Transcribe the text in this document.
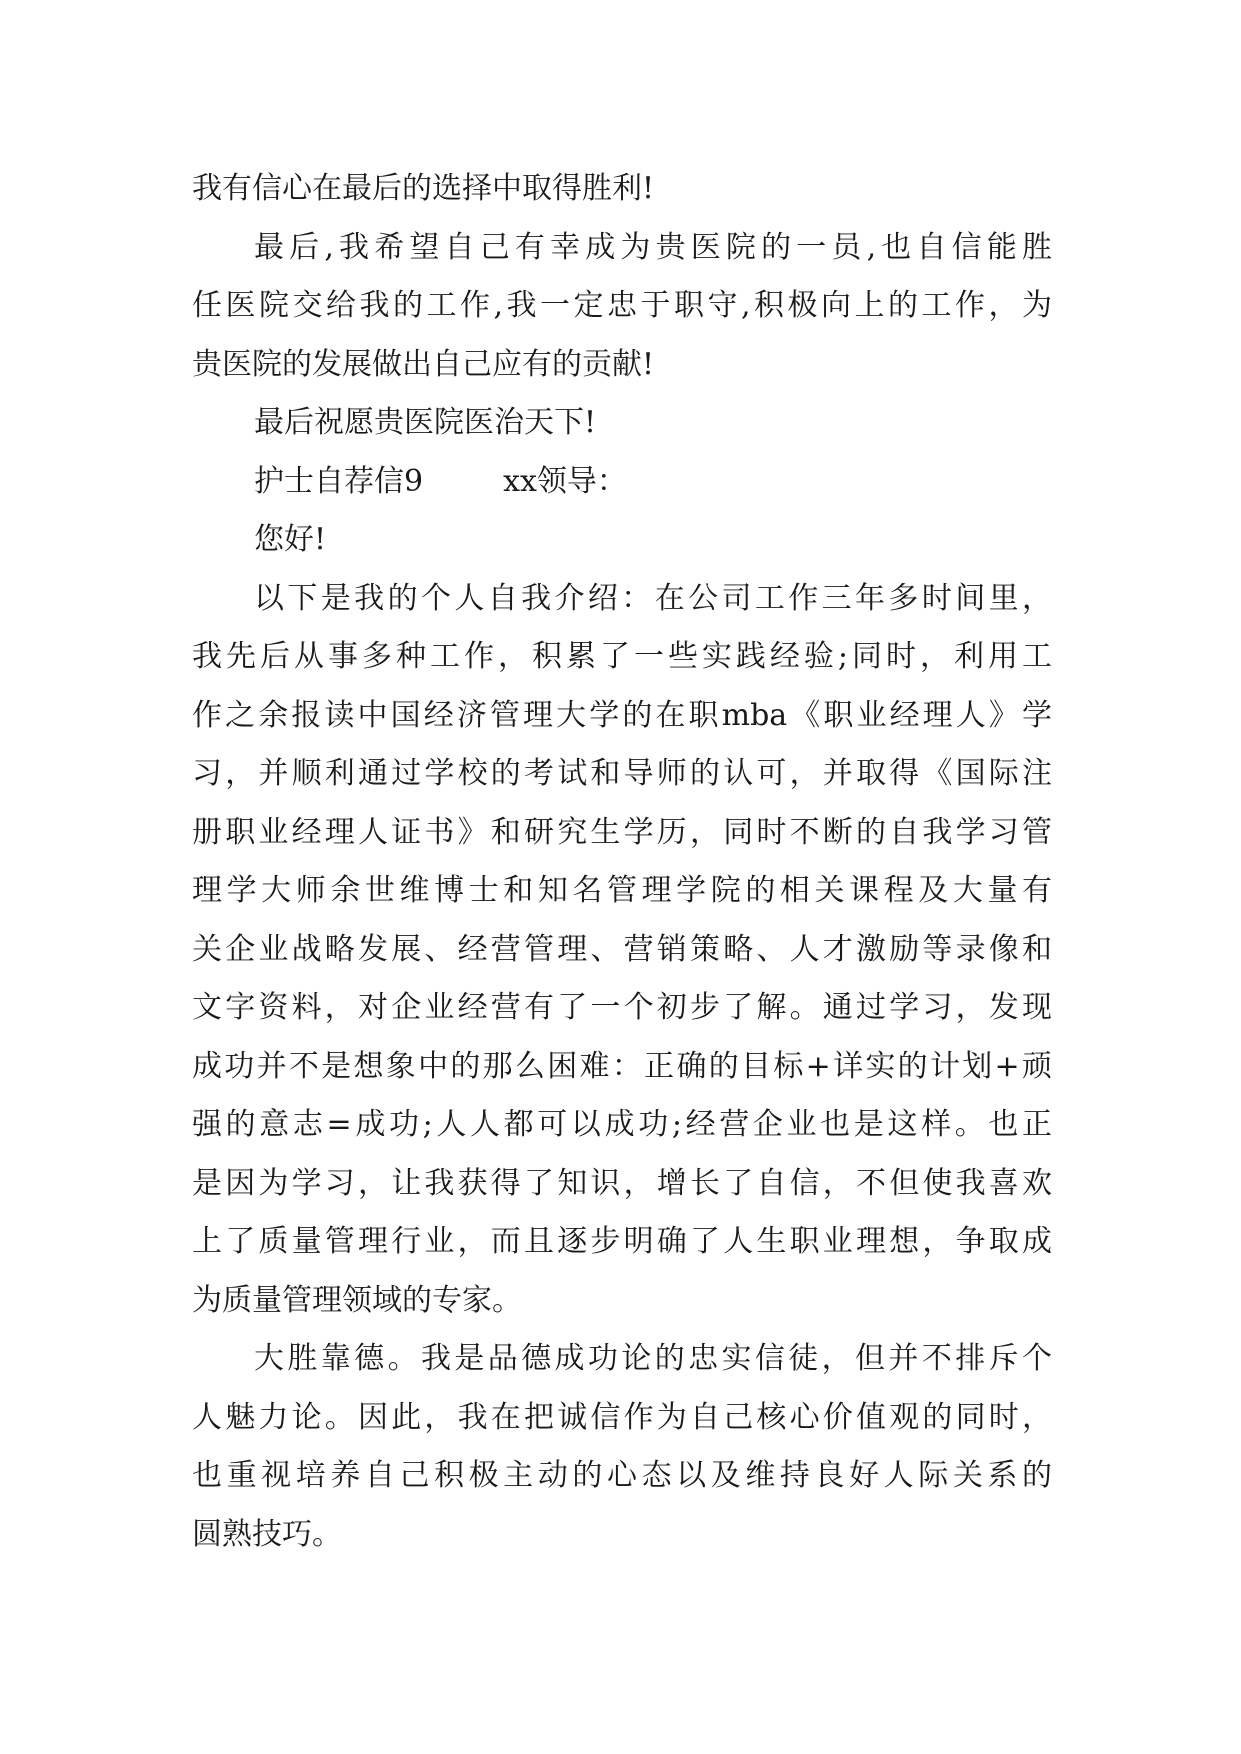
我有信心在最后的选择中取得胜利!
最后,我希望自己有幸成为贵医院的一员,也自信能胜
任医院交给我的工作,我一定忠于职守,积极向上的工作，为
贵医院的发展做出自己应有的贡献!
最后祝愿贵医院医治天下!
护士自荐信9	xx领导：
您好!
以下是我的个人自我介绍：在公司工作三年多时间里，
我先后从事多种工作，积累了一些实践经验;同时，利用工
作之余报读中国经济管理大学的在职mba《职业经理人》学
习，并顺利通过学校的考试和导师的认可，并取得《国际注
册职业经理人证书》和研究生学历，同时不断的自我学习管
理学大师余世维博士和知名管理学院的相关课程及大量有
关企业战略发展、经营管理、营销策略、人才激励等录像和
文字资料，对企业经营有了一个初步了解。通过学习，发现
成功并不是想象中的那么困难：正确的目标+详实的计划+顽
强的意志=成功;人人都可以成功;经营企业也是这样。也正
是因为学习，让我获得了知识，增长了自信，不但使我喜欢
上了质量管理行业，而且逐步明确了人生职业理想，争取成
为质量管理领域的专家。
大胜靠德。我是品德成功论的忠实信徒，但并不排斥个
人魅力论。因此，我在把诚信作为自己核心价值观的同时，
也重视培养自己积极主动的心态以及维持良好人际关系的
圆熟技巧。
